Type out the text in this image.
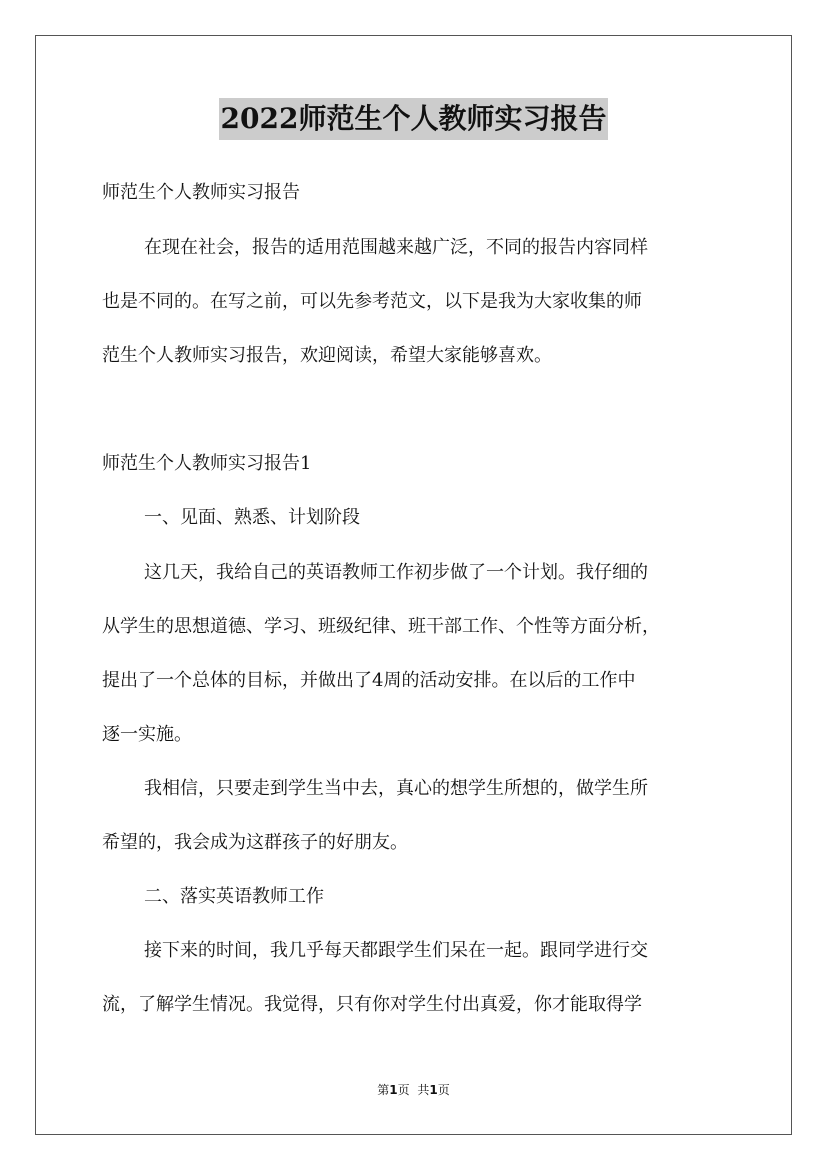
2022师范生个人教师实习报告
师范生个人教师实习报告
在现在社会，报告的适用范围越来越广泛，不同的报告内容同样
也是不同的。在写之前，可以先参考范文，以下是我为大家收集的师
范生个人教师实习报告，欢迎阅读，希望大家能够喜欢。
师范生个人教师实习报告1
一、见面、熟悉、计划阶段
这几天，我给自己的英语教师工作初步做了一个计划。我仔细的
从学生的思想道德、学习、班级纪律、班干部工作、个性等方面分析，
提出了一个总体的目标，并做出了4周的活动安排。在以后的工作中
逐一实施。
我相信，只要走到学生当中去，真心的想学生所想的，做学生所
希望的，我会成为这群孩子的好朋友。
二、落实英语教师工作
接下来的时间，我几乎每天都跟学生们呆在一起。跟同学进行交
流，了解学生情况。我觉得，只有你对学生付出真爱，你才能取得学
第1页 共1页
